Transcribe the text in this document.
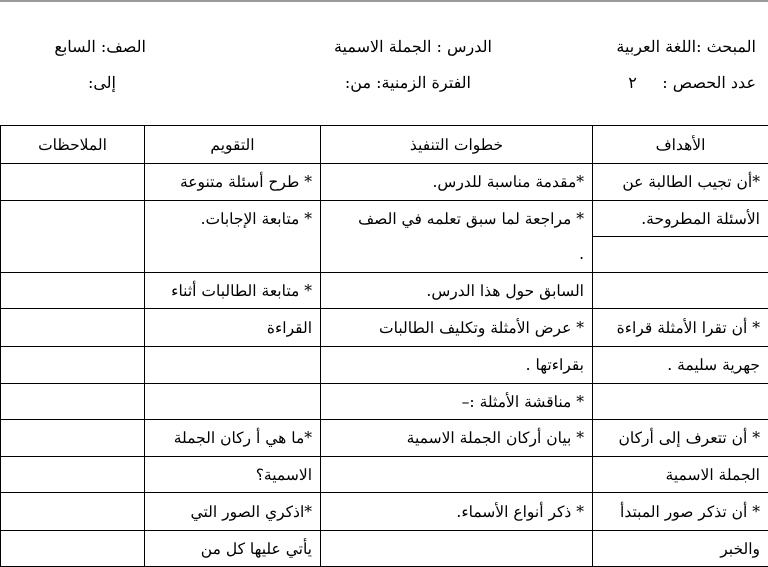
المبحث :اللغة العربية
الدرس : الجملة الاسمية
الصف: السابع
عدد الحصص :     ٢
الفترة الزمنية: من:
إلى:
الأهداف	خطوات التنفيذ	التقويم	الملاحظات
*أن تجيب الطالبة عن	*مقدمة مناسبة للدرس.	* طرح أسئلة متنوعة	
الأسئلة المطروحة.	* مراجعة لما سبق تعلمه في الصف	* متابعة الإجابات.	
	.		
	السابق حول هذا الدرس.	* متابعة الطالبات أثناء	
* أن تقرا الأمثلة قراءة	* عرض الأمثلة وتكليف الطالبات	القراءة	
جهرية سليمة .	بقراءتها .		
	* مناقشة الأمثلة :–		
* أن تتعرف إلى أركان	* بيان أركان الجملة الاسمية	*ما هي أ ركان الجملة	
الجملة الاسمية		الاسمية؟	
* أن تذكر صور المبتدأ	* ذكر أنواع الأسماء.	*اذكري الصور التي	
والخبر		يأتي عليها كل من	
